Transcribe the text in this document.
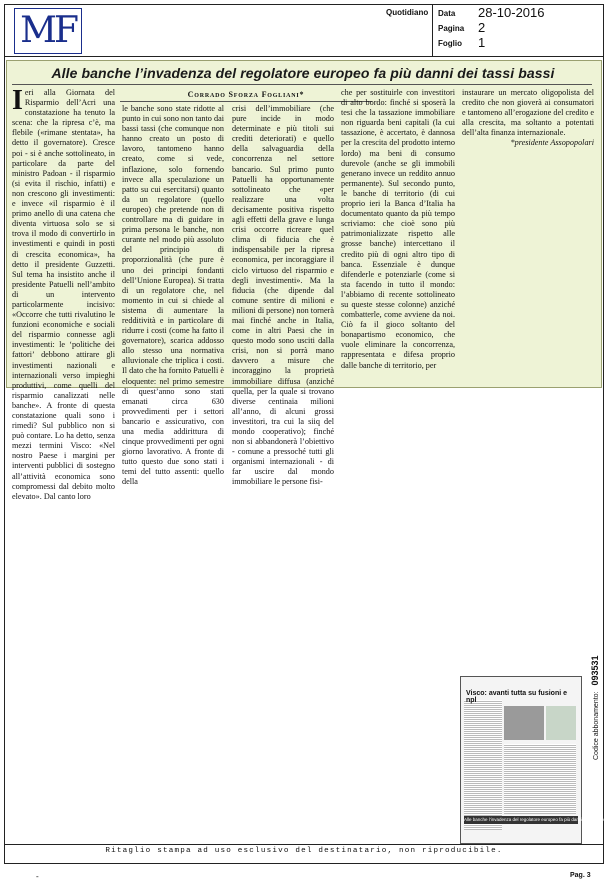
MF	Quotidiano Data 28-10-2016
Pagina 2
Foglio 1
Alle banche l’invadenza del regolatore europeo fa più danni dei tassi bassi
Corrado Sforza Fogliani*
Ieri alla Giornata del Risparmio dell’Acri una constatazione ha tenuto la scena: che la ripresa c’è, ma flebile («rimane stentata», ha detto il governatore). Cresce poi - si è anche sottolineato, in particolare da parte del ministro Padoan - il risparmio (si evita il rischio, infatti) e non crescono gli investimenti: e invece «il risparmio è il primo anello di una catena che diventa virtuosa solo se si trova il modo di convertirlo in investimenti e quindi in posti di crescita economica», ha detto il presidente Guzzetti. Sul tema ha insistito anche il presidente Patuelli nell’ambito di un intervento particolarmente incisivo: «Occorre che tutti rivalutino le funzioni economiche e sociali del risparmio connesse agli investimenti: le ‘politiche dei fattori’ debbono attirare gli investimenti nazionali e internazionali verso impieghi produttivi, come quelli del risparmio canalizzati nelle banche». A fronte di questa constatazione quali sono i rimedi? Sul pubblico non si può contare. Lo ha detto, senza mezzi termini Visco: «Nel nostro Paese i margini per interventi pubblici di sostegno all’attività economica sono compromessi dal debito molto elevato». Dal canto loro
le banche sono state ridotte al punto in cui sono non tanto dai bassi tassi (che comunque non hanno creato un posto di lavoro, tantomeno hanno creato, come si vede, inflazione, solo fornendo invece alla speculazione un patto su cui esercitarsi) quanto da un regolatore (quello europeo) che pretende non di controllare ma di guidare in prima persona le banche, non curante nel modo più assoluto del principio di proporzionalità (che pure è uno dei principi fondanti dell’Unione Europea). Si tratta di un regolatore che, nel momento in cui si chiede al sistema di aumentare la redditività e in particolare di ridurre i costi (come ha fatto il governatore), scarica addosso allo stesso una normativa alluvionale che triplica i costi. Il dato che ha fornito Patuelli è eloquente: nel primo semestre di quest’anno sono stati emanati circa 630 provvedimenti per i settori bancario e assicurativo, con una media addirittura di cinque provvedimenti per ogni giorno lavorativo. A fronte di tutto questo due sono stati i temi del tutto assenti: quello della
crisi dell’immobiliare (che pure incide in modo determinate e più titoli sui crediti deteriorati) e quello della salvaguardia della concorrenza nel settore bancario. Sul primo punto Patuelli ha opportunamente sottolineato che «per realizzare una volta decisamente positiva rispetto agli effetti della grave e lunga crisi occorre ricreare quel clima di fiducia che è indispensabile per la ripresa economica, per incoraggiare il ciclo virtuoso del risparmio e degli investimenti». Ma la fiducia (che dipende dal comune sentire di milioni e milioni di persone) non tornerà mai finché anche in Italia, come in altri Paesi che in questo modo sono usciti dalla crisi, non si porrà mano davvero a misure che incoraggino la proprietà immobiliare diffusa (anziché quella, per la quale si trovano diverse centinaia milioni all’anno, di alcuni grossi investitori, tra cui la siiq del mondo cooperativo); finché non si abbandonerà l’obiettivo - comune a pressoché tutti gli organismi internazionali - di far uscire dal mondo immobiliare le persone fisi-
che per sostituirle con investitori di alto bordo: finché si sposerà la tesi che la tassazione immobiliare non riguarda beni capitali (la cui tassazione, è accertato, è dannosa per la crescita del prodotto interno lordo) ma beni di consumo durevole (anche se gli immobili generano invece un reddito annuo permanente). Sul secondo punto, le banche di territorio (di cui proprio ieri la Banca d’Italia ha documentato quanto da più tempo scriviamo: che cioè sono più patrimonializzate rispetto alle grosse banche) intercettano il credito più di ogni altro tipo di banca. Essenziale è dunque difenderle e potenziarle (come si sta facendo in tutto il mondo: l’abbiamo di recente sottolineato su queste stesse colonne) anziché combatterle, come avviene da noi. Ciò fa il gioco soltanto del bonapartismo economico, che vuole eliminare la concorrenza, rappresentata e difesa proprio dalle banche di territorio, per
instaurare un mercato oligopolista del credito che non gioverà ai consumatori e tantomeno all’erogazione del credito e alla crescita, ma soltanto a potentati dell’alta finanza internazionale.
*presidente Assopopolari
Visco: avanti tutta su fusioni e npl
Alle banche l’invadenza del regolatore europeo fa più danni dei tassi bassi
Codice abbonamento:093531
Ritaglio stampa ad uso esclusivo del destinatario, non riproducibile.
-	Pag. 3
